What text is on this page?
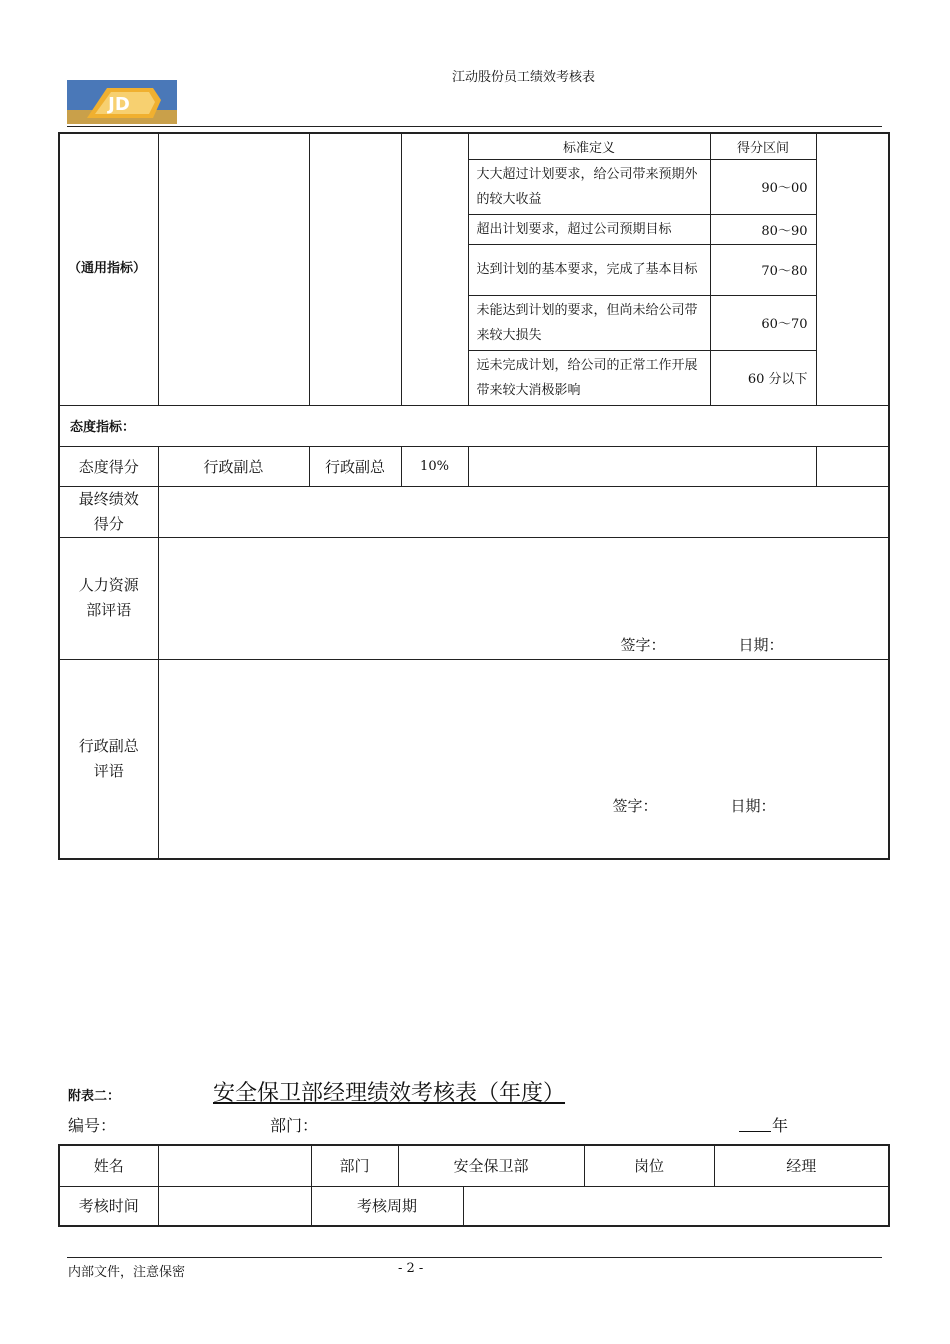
江动股份员工绩效考核表
JD
（通用指标）				标准定义	得分区间	
				大大超过计划要求，给公司带来预期外的较大收益	90～00	
				超出计划要求，超过公司预期目标	80～90	
				达到计划的基本要求，完成了基本目标	70～80	
				未能达到计划的要求，但尚未给公司带来较大损失	60～70	
				远未完成计划，给公司的正常工作开展带来较大消极影响	60 分以下	
态度指标：						
态度得分	行政副总	行政副总	10%			
最终绩效得分						
人力资源部评语	签字： 日期：					

行政副总评语	签字： 日期：					
附表二：	安全保卫部经理绩效考核表（年度）
编号：	部门：	年
姓名		部门	安全保卫部		岗位	经理
考核时间		考核周期				
内部文件，注意保密	- 2 -
